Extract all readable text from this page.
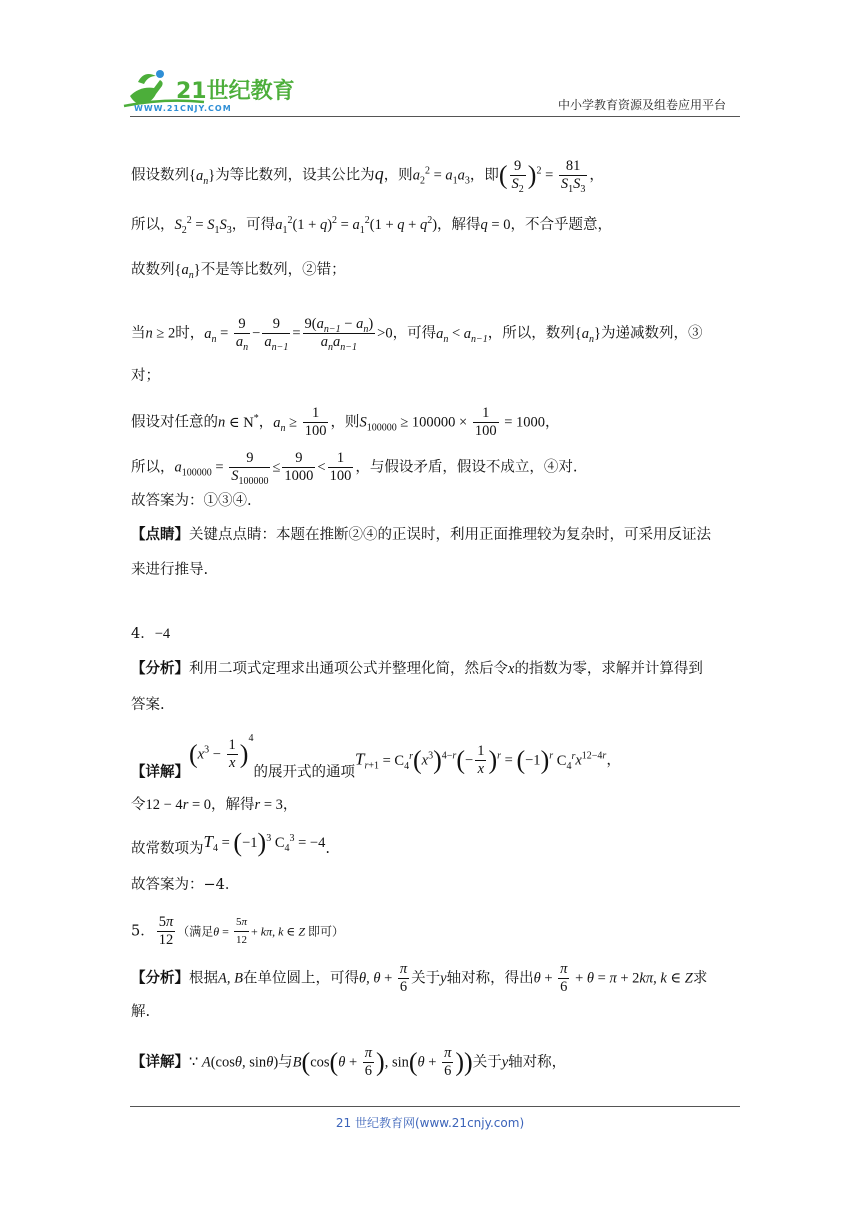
21世纪教育
WWW.21CNJY.COM	中小学教育资源及组卷应用平台
假设数列$\{a_n\}$为等比数列，设其公比为q，则$a_2^2 = a_1a_3$，即( $\frac{9}{S_2} )^2 = \frac{81}{S_1S_3}$ ，
所以，$S_2^2 = S_1S_3$，可得$a_1^2(1 + q)^2 = a_1^2(1 + q + q^2)$，解得q = 0，不合乎题意，
故数列$\{a_n\}$不是等比数列，②错；
当n ≥ 2时，$a_n = \frac{9}{a_n} - \frac{9}{a_{n-1}} = \frac{9(a_{n-1} - a_n)}{a_na_{n-1}} >0$，可得$a_n < a_{n-1}$，所以，数列$\{a_n\}$为递减数列，③
对；
假设对任意的n ∈ N*，$a_n \ge \frac{1}{100}$ ，则$S_{100000} \ge 100000 \times \frac{1}{100} = 1000$，
所以，$a_{100000} = \frac{9}{S_{100000}} \le \frac{9}{1000} < \frac{1}{100}$ ，与假设矛盾，假设不成立，④对.
故答案为：①③④.
【点睛】关键点点睛：本题在推断②④的正误时，利用正面推理较为复杂时，可采用反证法
来进行推导.
4．−4
【分析】利用二项式定理求出通项公式并整理化简，然后令x的指数为零，求解并计算得到
答案.
【详解】$(x^3 - \frac{1}{x} )^4$的展开式的通项$T_{r+1} = C_4^r(x^3)^{4-r}(- \frac{1}{x} )^r = (-1)^r$ $C_4^rx^{12-4r}$，
令12 − 4r = 0，解得r = 3，
故常数项为$T_4 = (-1)^3$ $C_4^3 = -4$.
故答案为：−4．
5． $\frac{5\pi}{12}$ （满足$\theta = \frac{5\pi}{12} + k\pi$, k ∈ Z 即可）
【分析】根据A, B在单位圆上，可得θ, $\theta + \frac{\pi}{6}$ 关于y轴对称，得出$\theta + \frac{\pi}{6} + \theta = \pi + 2k\pi$, k ∈ Z求
解.
【详解】∵ A(cosθ, sinθ)与$B(\cos(\theta + \frac{\pi}{6}$ ), $\sin(\theta + \frac{\pi}{6}$ ))关于y轴对称，
21 世纪教育网(www.21cnjy.com)
